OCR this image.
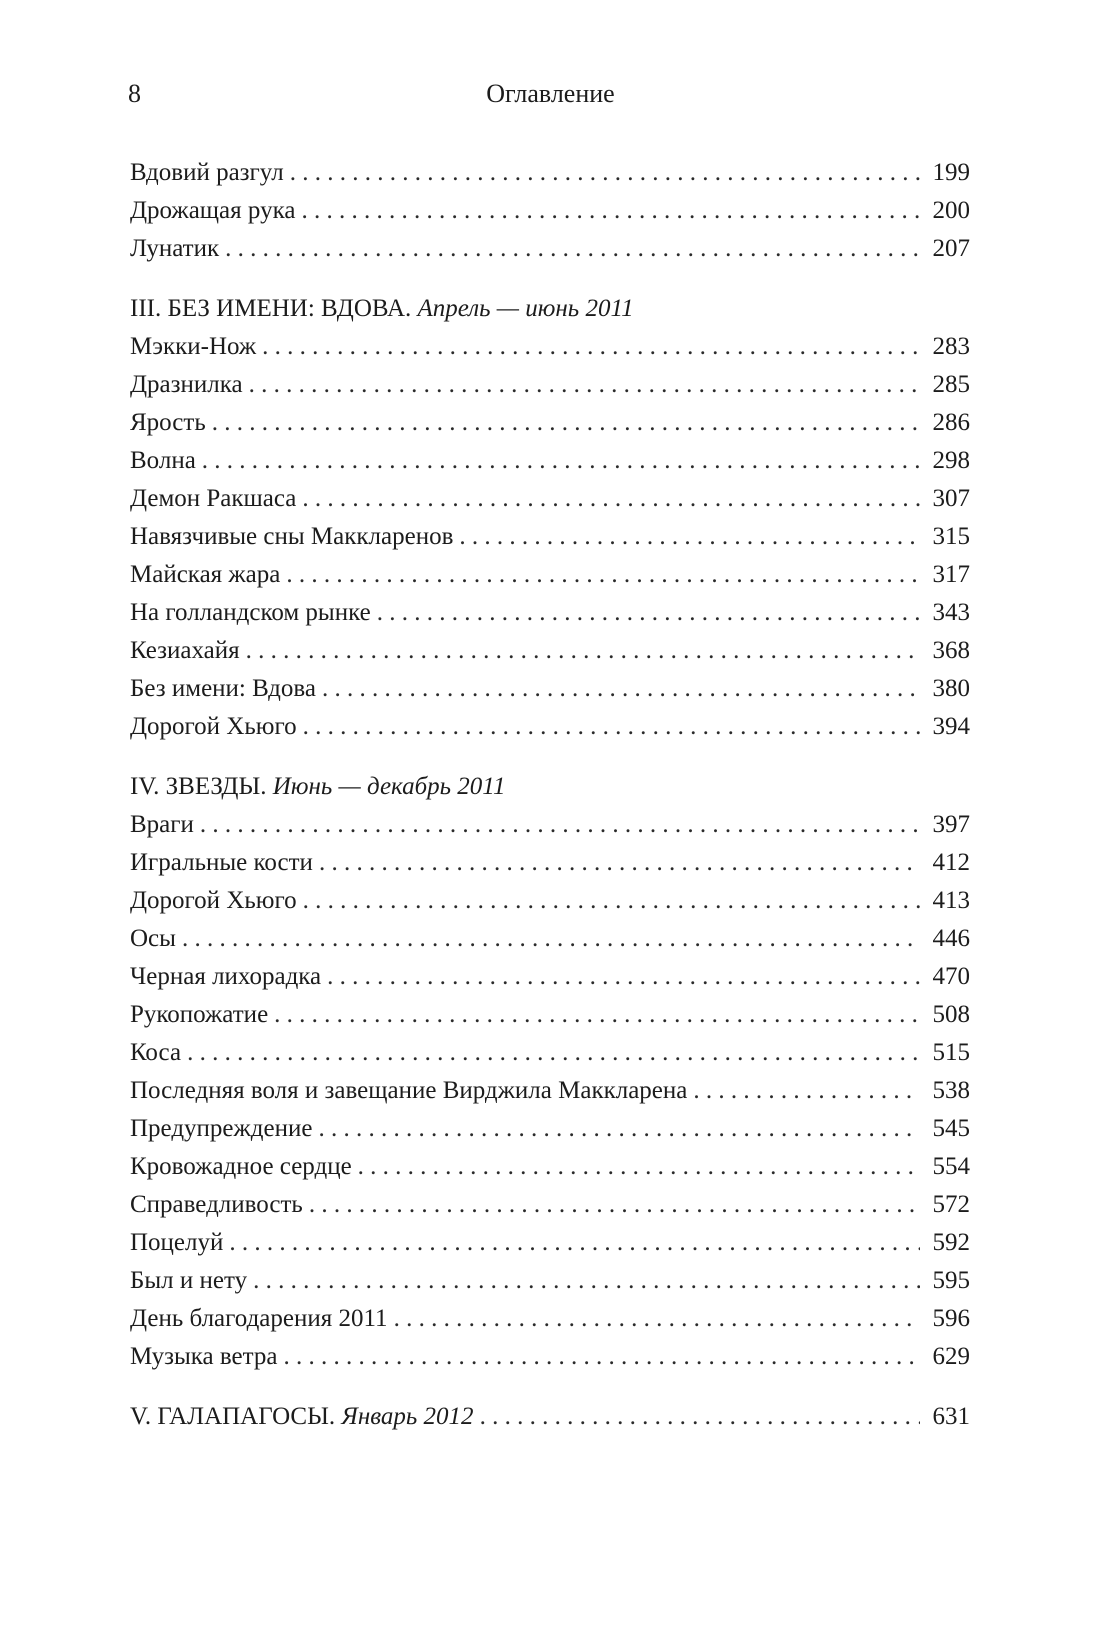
8	Оглавление
Вдовий разгул . . .	199
Дрожащая рука . . .	200
Лунатик . . .	207
III. БЕЗ ИМЕНИ: ВДОВА. Апрель — июнь 2011
Мэкки-Нож . . .	283
Дразнилка . . .	285
Ярость . . .	286
Волна . . .	298
Демон Ракшаса . . .	307
Навязчивые сны Маккларенов . . .	315
Майская жара . . .	317
На голландском рынке . . .	343
Кезиахайя . . .	368
Без имени: Вдова . . .	380
Дорогой Хьюго . . .	394
IV. ЗВЕЗДЫ. Июнь — декабрь 2011
Враги . . .	397
Игральные кости . . .	412
Дорогой Хьюго . . .	413
Осы . . .	446
Черная лихорадка . . .	470
Рукопожатие . . .	508
Коса . . .	515
Последняя воля и завещание Вирджила Маккларена . . .	538
Предупреждение . . .	545
Кровожадное сердце . . .	554
Справедливость . . .	572
Поцелуй . . .	592
Был и нету . . .	595
День благодарения 2011 . . .	596
Музыка ветра . . .	629
V. ГАЛАПАГОСЫ. Январь 2012 . . .	631
